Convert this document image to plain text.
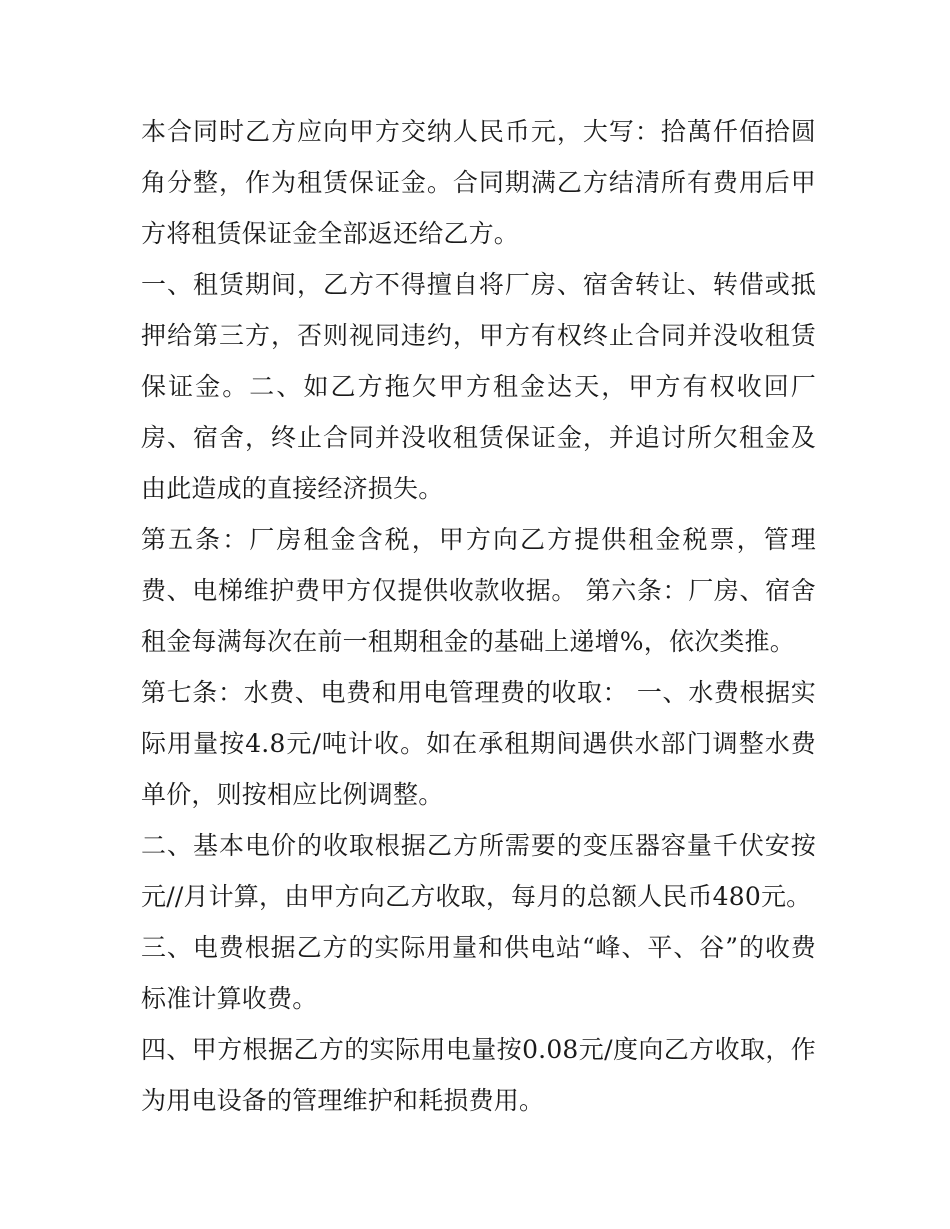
本合同时乙方应向甲方交纳人民币元，大写：拾萬仟佰拾圆角分整，作为租赁保证金。合同期满乙方结清所有费用后甲方将租赁保证金全部返还给乙方。

一、租赁期间，乙方不得擅自将厂房、宿舍转让、转借或抵押给第三方，否则视同违约，甲方有权终止合同并没收租赁保证金。二、如乙方拖欠甲方租金达天，甲方有权收回厂房、宿舍，终止合同并没收租赁保证金，并追讨所欠租金及由此造成的直接经济损失。

第五条：厂房租金含税，甲方向乙方提供租金税票，管理费、电梯维护费甲方仅提供收款收据。 第六条：厂房、宿舍租金每满每次在前一租期租金的基础上递增%，依次类推。

第七条：水费、电费和用电管理费的收取： 一、水费根据实际用量按4.8元/吨计收。如在承租期间遇供水部门调整水费单价，则按相应比例调整。

二、基本电价的收取根据乙方所需要的变压器容量千伏安按元//月计算，由甲方向乙方收取，每月的总额人民币480元。

三、电费根据乙方的实际用量和供电站“峰、平、谷”的收费标准计算收费。

四、甲方根据乙方的实际用电量按0.08元/度向乙方收取，作为用电设备的管理维护和耗损费用。
